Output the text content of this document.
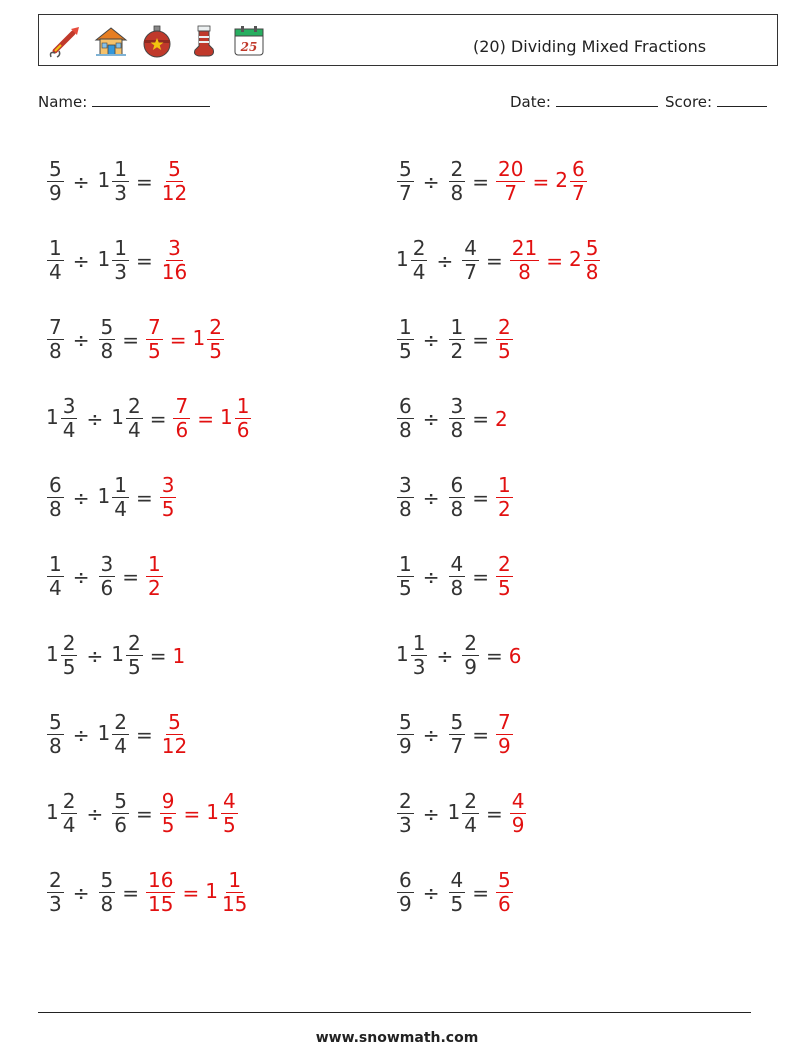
25	(20) Dividing Mixed Fractions
Name:	Date:	Score:
$\frac{5}{9} \div 1 \frac{1}{3} = \frac{5}{12}$
$\frac{1}{4} \div 1 \frac{1}{3} = \frac{3}{16}$
$\frac{7}{8} \div \frac{5}{8} = \frac{7}{5} = 1 \frac{2}{5}$
$1 \frac{3}{4} \div 1 \frac{2}{4} = \frac{7}{6} = 1 \frac{1}{6}$
$\frac{6}{8} \div 1 \frac{1}{4} = \frac{3}{5}$
$\frac{1}{4} \div \frac{3}{6} = \frac{1}{2}$
$1 \frac{2}{5} \div 1 \frac{2}{5} = 1$
$\frac{5}{8} \div 1 \frac{2}{4} = \frac{5}{12}$
$1 \frac{2}{4} \div \frac{5}{6} = \frac{9}{5} = 1 \frac{4}{5}$
$\frac{2}{3} \div \frac{5}{8} = \frac{16}{15} = 1 \frac{1}{15}$
$\frac{5}{7} \div \frac{2}{8} = \frac{20}{7} = 2 \frac{6}{7}$
$1 \frac{2}{4} \div \frac{4}{7} = \frac{21}{8} = 2 \frac{5}{8}$
$\frac{1}{5} \div \frac{1}{2} = \frac{2}{5}$
$\frac{6}{8} \div \frac{3}{8} = 2$
$\frac{3}{8} \div \frac{6}{8} = \frac{1}{2}$
$\frac{1}{5} \div \frac{4}{8} = \frac{2}{5}$
$1 \frac{1}{3} \div \frac{2}{9} = 6$
$\frac{5}{9} \div \frac{5}{7} = \frac{7}{9}$
$\frac{2}{3} \div 1 \frac{2}{4} = \frac{4}{9}$
$\frac{6}{9} \div \frac{4}{5} = \frac{5}{6}$
www.snowmath.com
